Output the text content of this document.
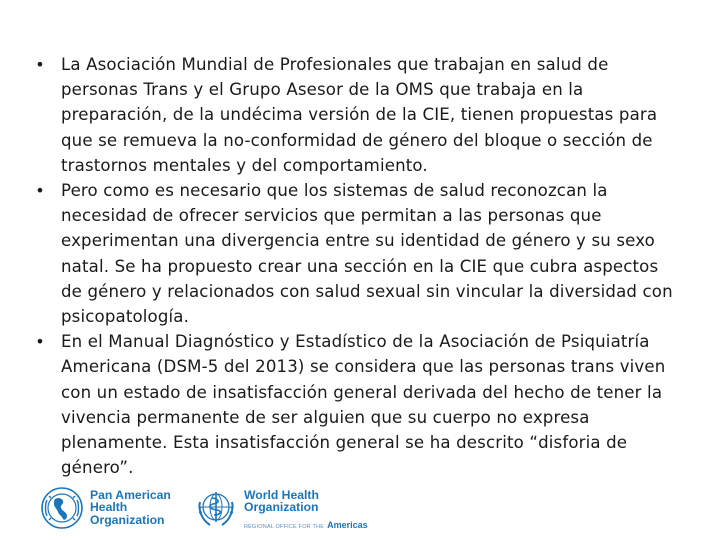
• La Asociación Mundial de Profesionales que trabajan en salud de personas Trans y el Grupo Asesor de la OMS que trabaja en la preparación, de la undécima versión de la CIE, tienen propuestas para que se remueva la no-conformidad de género del bloque o sección de trastornos mentales y del comportamiento.
• Pero como es necesario que los sistemas de salud reconozcan la necesidad de ofrecer servicios que permitan a las personas que experimentan una divergencia entre su identidad de género y su sexo natal. Se ha propuesto crear una sección en la CIE que cubra aspectos de género y relacionados con salud sexual sin vincular la diversidad con psicopatología.
• En el Manual Diagnóstico y Estadístico de la Asociación de Psiquiatría Americana (DSM-5 del 2013) se considera que las personas trans viven con un estado de insatisfacción general derivada del hecho de tener la vivencia permanente de ser alguien que su cuerpo no expresa plenamente. Esta insatisfacción general se ha descrito “disforia de género”.
Pan American
Health
Organization
World Health
Organization
REGIONAL OFFICE FOR THE Americas
